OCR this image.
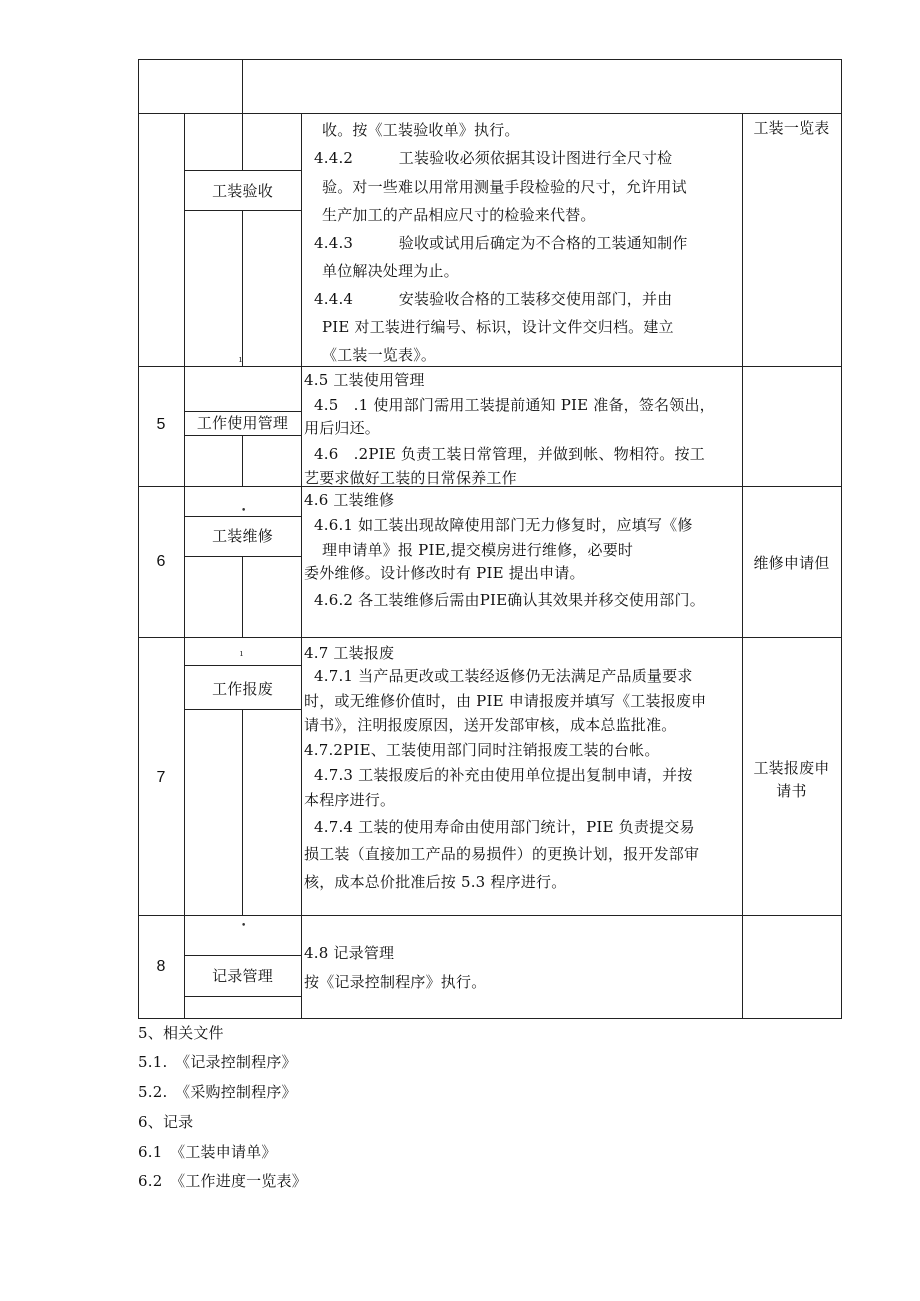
ı
•
ı
•
工装验收
收。按《工装验收单》执行。
4.4.2　　　工装验收必须依据其设计图进行全尺寸检
验。对一些难以用常用测量手段检验的尺寸，允许用试
生产加工的产品相应尺寸的检验来代替。
4.4.3　　　验收或试用后确定为不合格的工装通知制作
单位解决处理为止。
4.4.4　　　安装验收合格的工装移交使用部门，并由
PIE 对工装进行编号、标识，设计文件交归档。建立
《工装一览表》。
工装一览表
5	工作使用管理
4.5 工装使用管理
4.5　.1 使用部门需用工装提前通知 PIE 准备，签名领出，
用后归还。
4.6　.2PIE 负责工装日常管理，并做到帐、物相符。按工
艺要求做好工装的日常保养工作
6
工装维修
4.6 工装维修
4.6.1 如工装出现故障使用部门无力修复时，应填写《修
理申请单》报 PIE,提交模房进行维修，必要时
委外维修。设计修改时有 PIE 提出申请。
4.6.2 各工装维修后需由PIE确认其效果并移交使用部门。
维修申请但
7
工作报废
4.7 工装报废
4.7.1 当产品更改或工装经返修仍无法满足产品质量要求
时，或无维修价值时，由 PIE 申请报废并填写《工装报废申
请书》，注明报废原因，送开发部审核，成本总监批准。
4.7.2PIE、工装使用部门同时注销报废工装的台帐。
4.7.3 工装报废后的补充由使用单位提出复制申请，并按
本程序进行。
4.7.4 工装的使用寿命由使用部门统计，PIE 负责提交易
损工装（直接加工产品的易损件）的更换计划，报开发部审
核，成本总价批准后按 5.3 程序进行。
工装报废申
请书
8
记录管理
4.8 记录管理
按《记录控制程序》执行。
5、相关文件
5.1.　《记录控制程序》
5.2.　《采购控制程序》
6、记录
6.1　《工装申请单》
6.2　《工作进度一览表》
